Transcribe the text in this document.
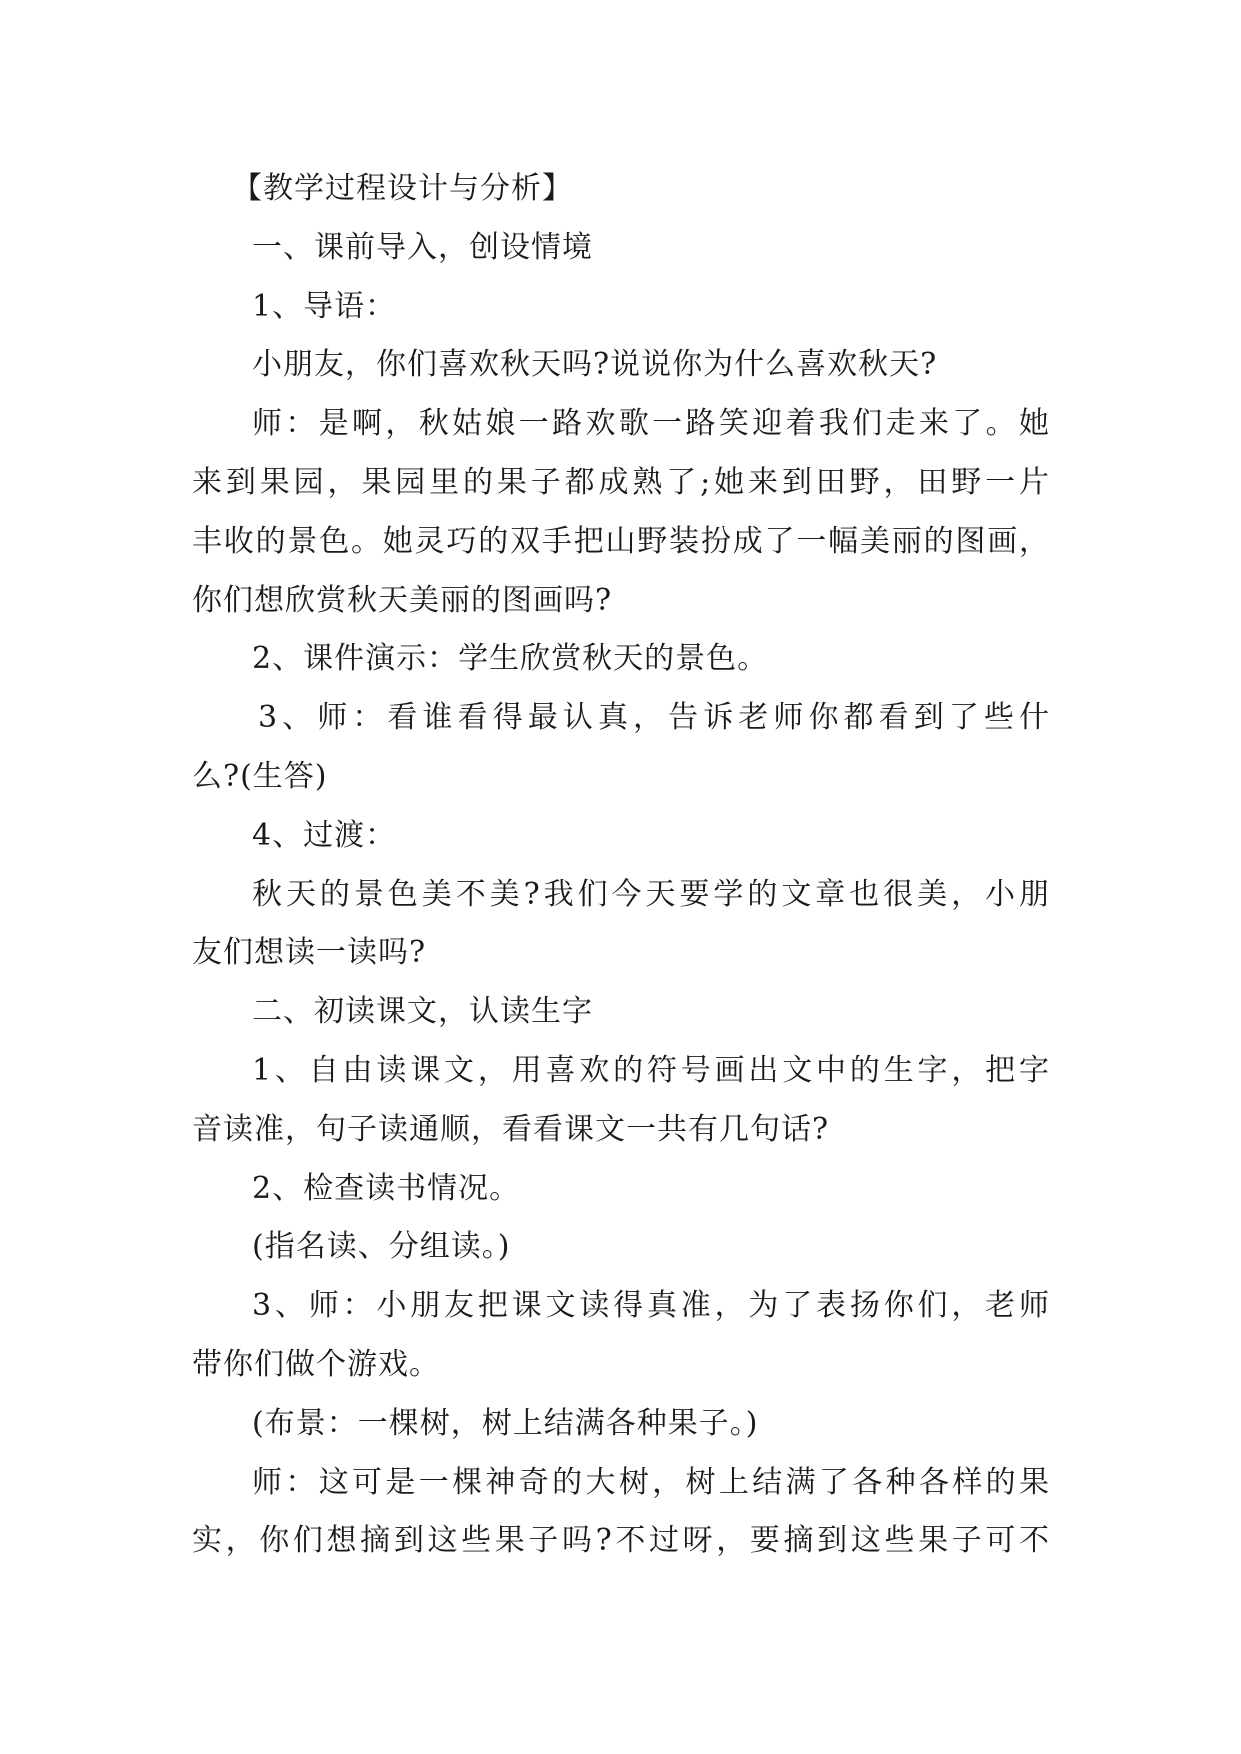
【教学过程设计与分析】
一、课前导入，创设情境
1、导语：
小朋友，你们喜欢秋天吗?说说你为什么喜欢秋天?
师：是啊，秋姑娘一路欢歌一路笑迎着我们走来了。她
来到果园，果园里的果子都成熟了;她来到田野，田野一片
丰收的景色。她灵巧的双手把山野装扮成了一幅美丽的图画，
你们想欣赏秋天美丽的图画吗?
2、课件演示：学生欣赏秋天的景色。
3、师：看谁看得最认真，告诉老师你都看到了些什
么?(生答)
4、过渡：
秋天的景色美不美?我们今天要学的文章也很美，小朋
友们想读一读吗?
二、初读课文，认读生字
1、自由读课文，用喜欢的符号画出文中的生字，把字
音读准，句子读通顺，看看课文一共有几句话?
2、检查读书情况。
(指名读、分组读。)
3、师：小朋友把课文读得真准，为了表扬你们，老师
带你们做个游戏。
(布景：一棵树，树上结满各种果子。)
师：这可是一棵神奇的大树，树上结满了各种各样的果
实，你们想摘到这些果子吗?不过呀，要摘到这些果子可不
